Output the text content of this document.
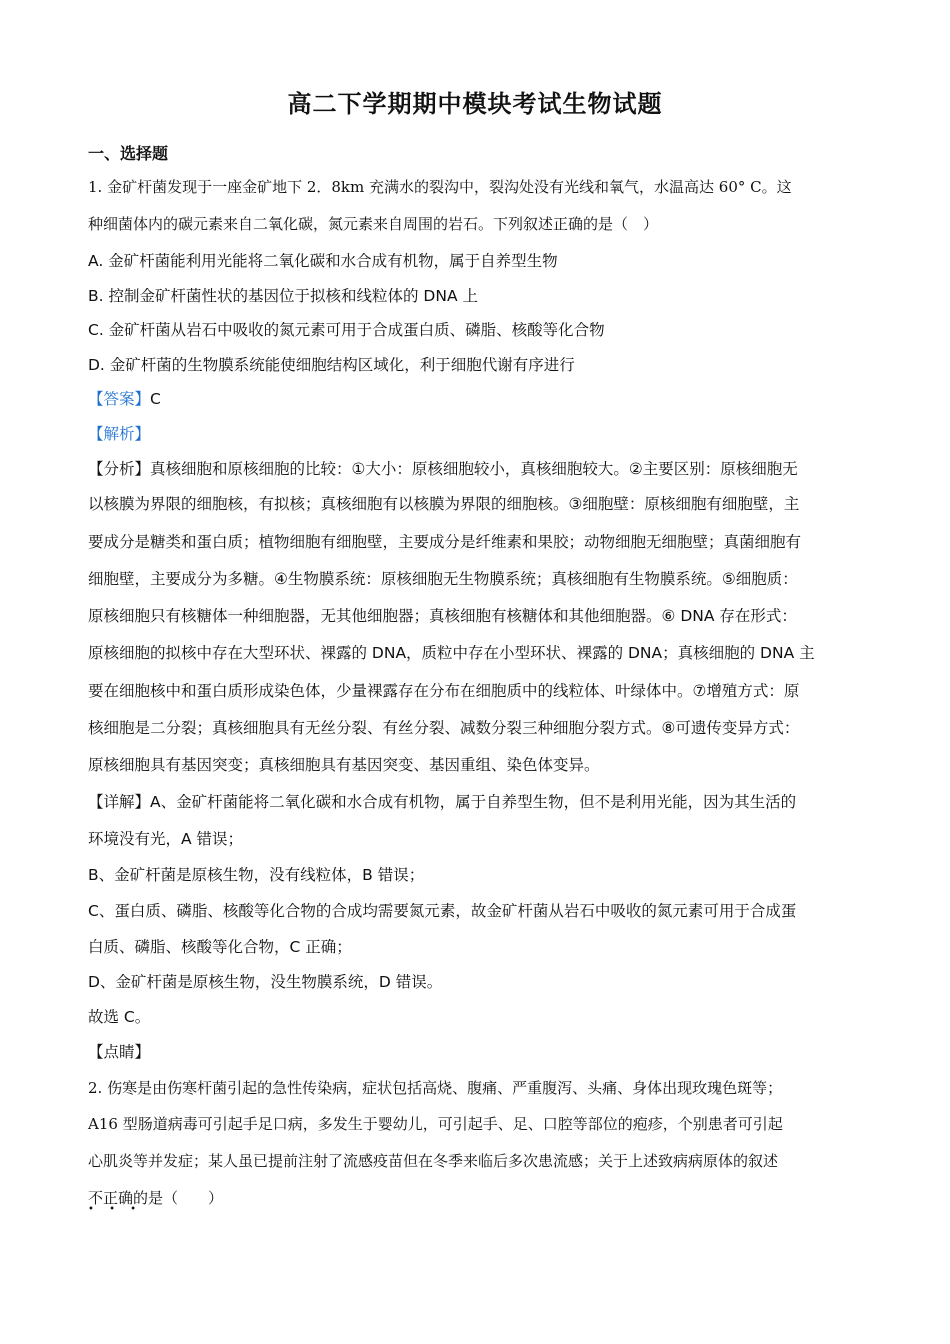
高二下学期期中模块考试生物试题
一、选择题
1. 金矿杆菌发现于一座金矿地下 2．8km 充满水的裂沟中，裂沟处没有光线和氧气，水温高达 60° C。这
种细菌体内的碳元素来自二氧化碳，氮元素来自周围的岩石。下列叙述正确的是（　）
A. 金矿杆菌能利用光能将二氧化碳和水合成有机物，属于自养型生物
B. 控制金矿杆菌性状的基因位于拟核和线粒体的 DNA 上
C. 金矿杆菌从岩石中吸收的氮元素可用于合成蛋白质、磷脂、核酸等化合物
D. 金矿杆菌的生物膜系统能使细胞结构区域化，利于细胞代谢有序进行
【答案】C
【解析】
【分析】真核细胞和原核细胞的比较：①大小：原核细胞较小，真核细胞较大。②主要区别：原核细胞无
以核膜为界限的细胞核，有拟核；真核细胞有以核膜为界限的细胞核。③细胞壁：原核细胞有细胞壁，主
要成分是糖类和蛋白质；植物细胞有细胞壁，主要成分是纤维素和果胶；动物细胞无细胞壁；真菌细胞有
细胞壁，主要成分为多糖。④生物膜系统：原核细胞无生物膜系统；真核细胞有生物膜系统。⑤细胞质：
原核细胞只有核糖体一种细胞器，无其他细胞器；真核细胞有核糖体和其他细胞器。⑥ DNA 存在形式：
原核细胞的拟核中存在大型环状、裸露的 DNA，质粒中存在小型环状、裸露的 DNA；真核细胞的 DNA 主
要在细胞核中和蛋白质形成染色体，少量裸露存在分布在细胞质中的线粒体、叶绿体中。⑦增殖方式：原
核细胞是二分裂；真核细胞具有无丝分裂、有丝分裂、减数分裂三种细胞分裂方式。⑧可遗传变异方式：
原核细胞具有基因突变；真核细胞具有基因突变、基因重组、染色体变异。
【详解】A、金矿杆菌能将二氧化碳和水合成有机物，属于自养型生物，但不是利用光能，因为其生活的
环境没有光，A 错误；
B、金矿杆菌是原核生物，没有线粒体，B 错误；
C、蛋白质、磷脂、核酸等化合物的合成均需要氮元素，故金矿杆菌从岩石中吸收的氮元素可用于合成蛋
白质、磷脂、核酸等化合物，C 正确；
D、金矿杆菌是原核生物，没生物膜系统，D 错误。
故选 C。
【点睛】
2. 伤寒是由伤寒杆菌引起的急性传染病，症状包括高烧、腹痛、严重腹泻、头痛、身体出现玫瑰色斑等；
A16 型肠道病毒可引起手足口病，多发生于婴幼儿，可引起手、足、口腔等部位的疱疹，个别患者可引起
心肌炎等并发症；某人虽已提前注射了流感疫苗但在冬季来临后多次患流感；关于上述致病病原体的叙述
不正确的是（　　）
• • •
